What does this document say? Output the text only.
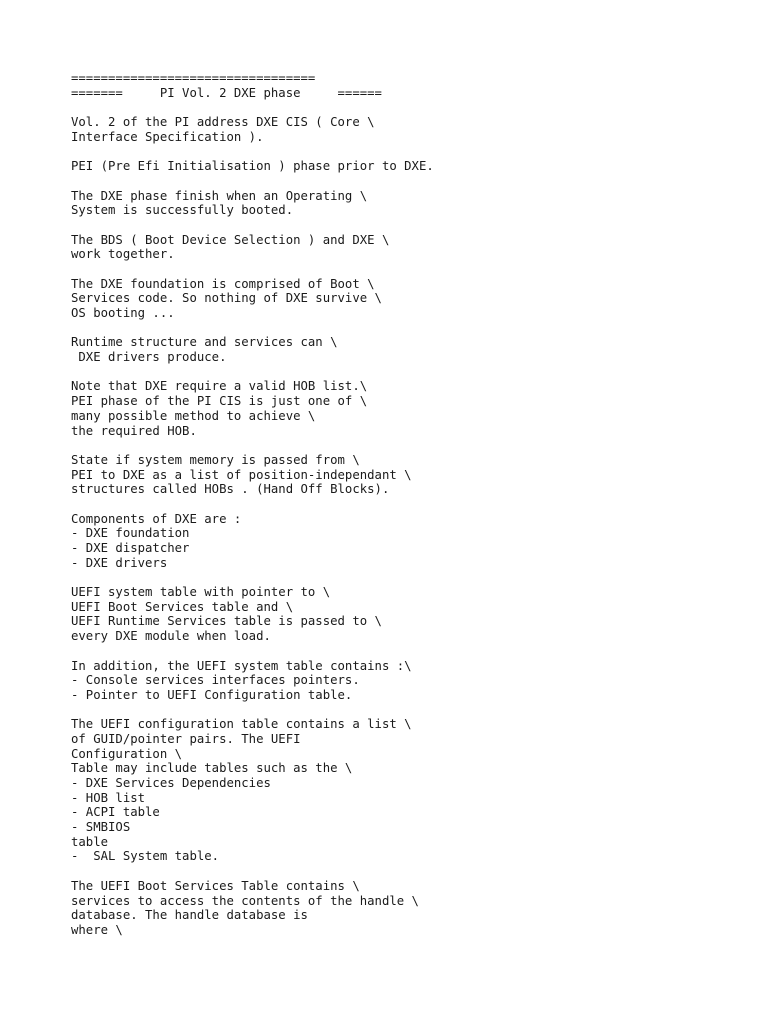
=================================
=======     PI Vol. 2 DXE phase     ======
Vol. 2 of the PI address DXE CIS ( Core \
Interface Specification ).
PEI (Pre Efi Initialisation ) phase prior to DXE.
The DXE phase finish when an Operating \
System is successfully booted.
The BDS ( Boot Device Selection ) and DXE \
work together.
The DXE foundation is comprised of Boot \
Services code. So nothing of DXE survive \
OS booting ...
Runtime structure and services can \
DXE drivers produce.
Note that DXE require a valid HOB list.\
PEI phase of the PI CIS is just one of \
many possible method to achieve \
the required HOB.
State if system memory is passed from \
PEI to DXE as a list of position-independant \
structures called HOBs . (Hand Off Blocks).
Components of DXE are :
- DXE foundation
- DXE dispatcher
- DXE drivers
UEFI system table with pointer to \
UEFI Boot Services table and \
UEFI Runtime Services table is passed to \
every DXE module when load.
In addition, the UEFI system table contains :\
- Console services interfaces pointers.
- Pointer to UEFI Configuration table.
The UEFI configuration table contains a list \
of GUID/pointer pairs. The UEFI
Configuration \
Table may include tables such as the \
- DXE Services Dependencies
- HOB list
- ACPI table
- SMBIOS
table
-  SAL System table.
The UEFI Boot Services Table contains \
services to access the contents of the handle \
database. The handle database is
where \
